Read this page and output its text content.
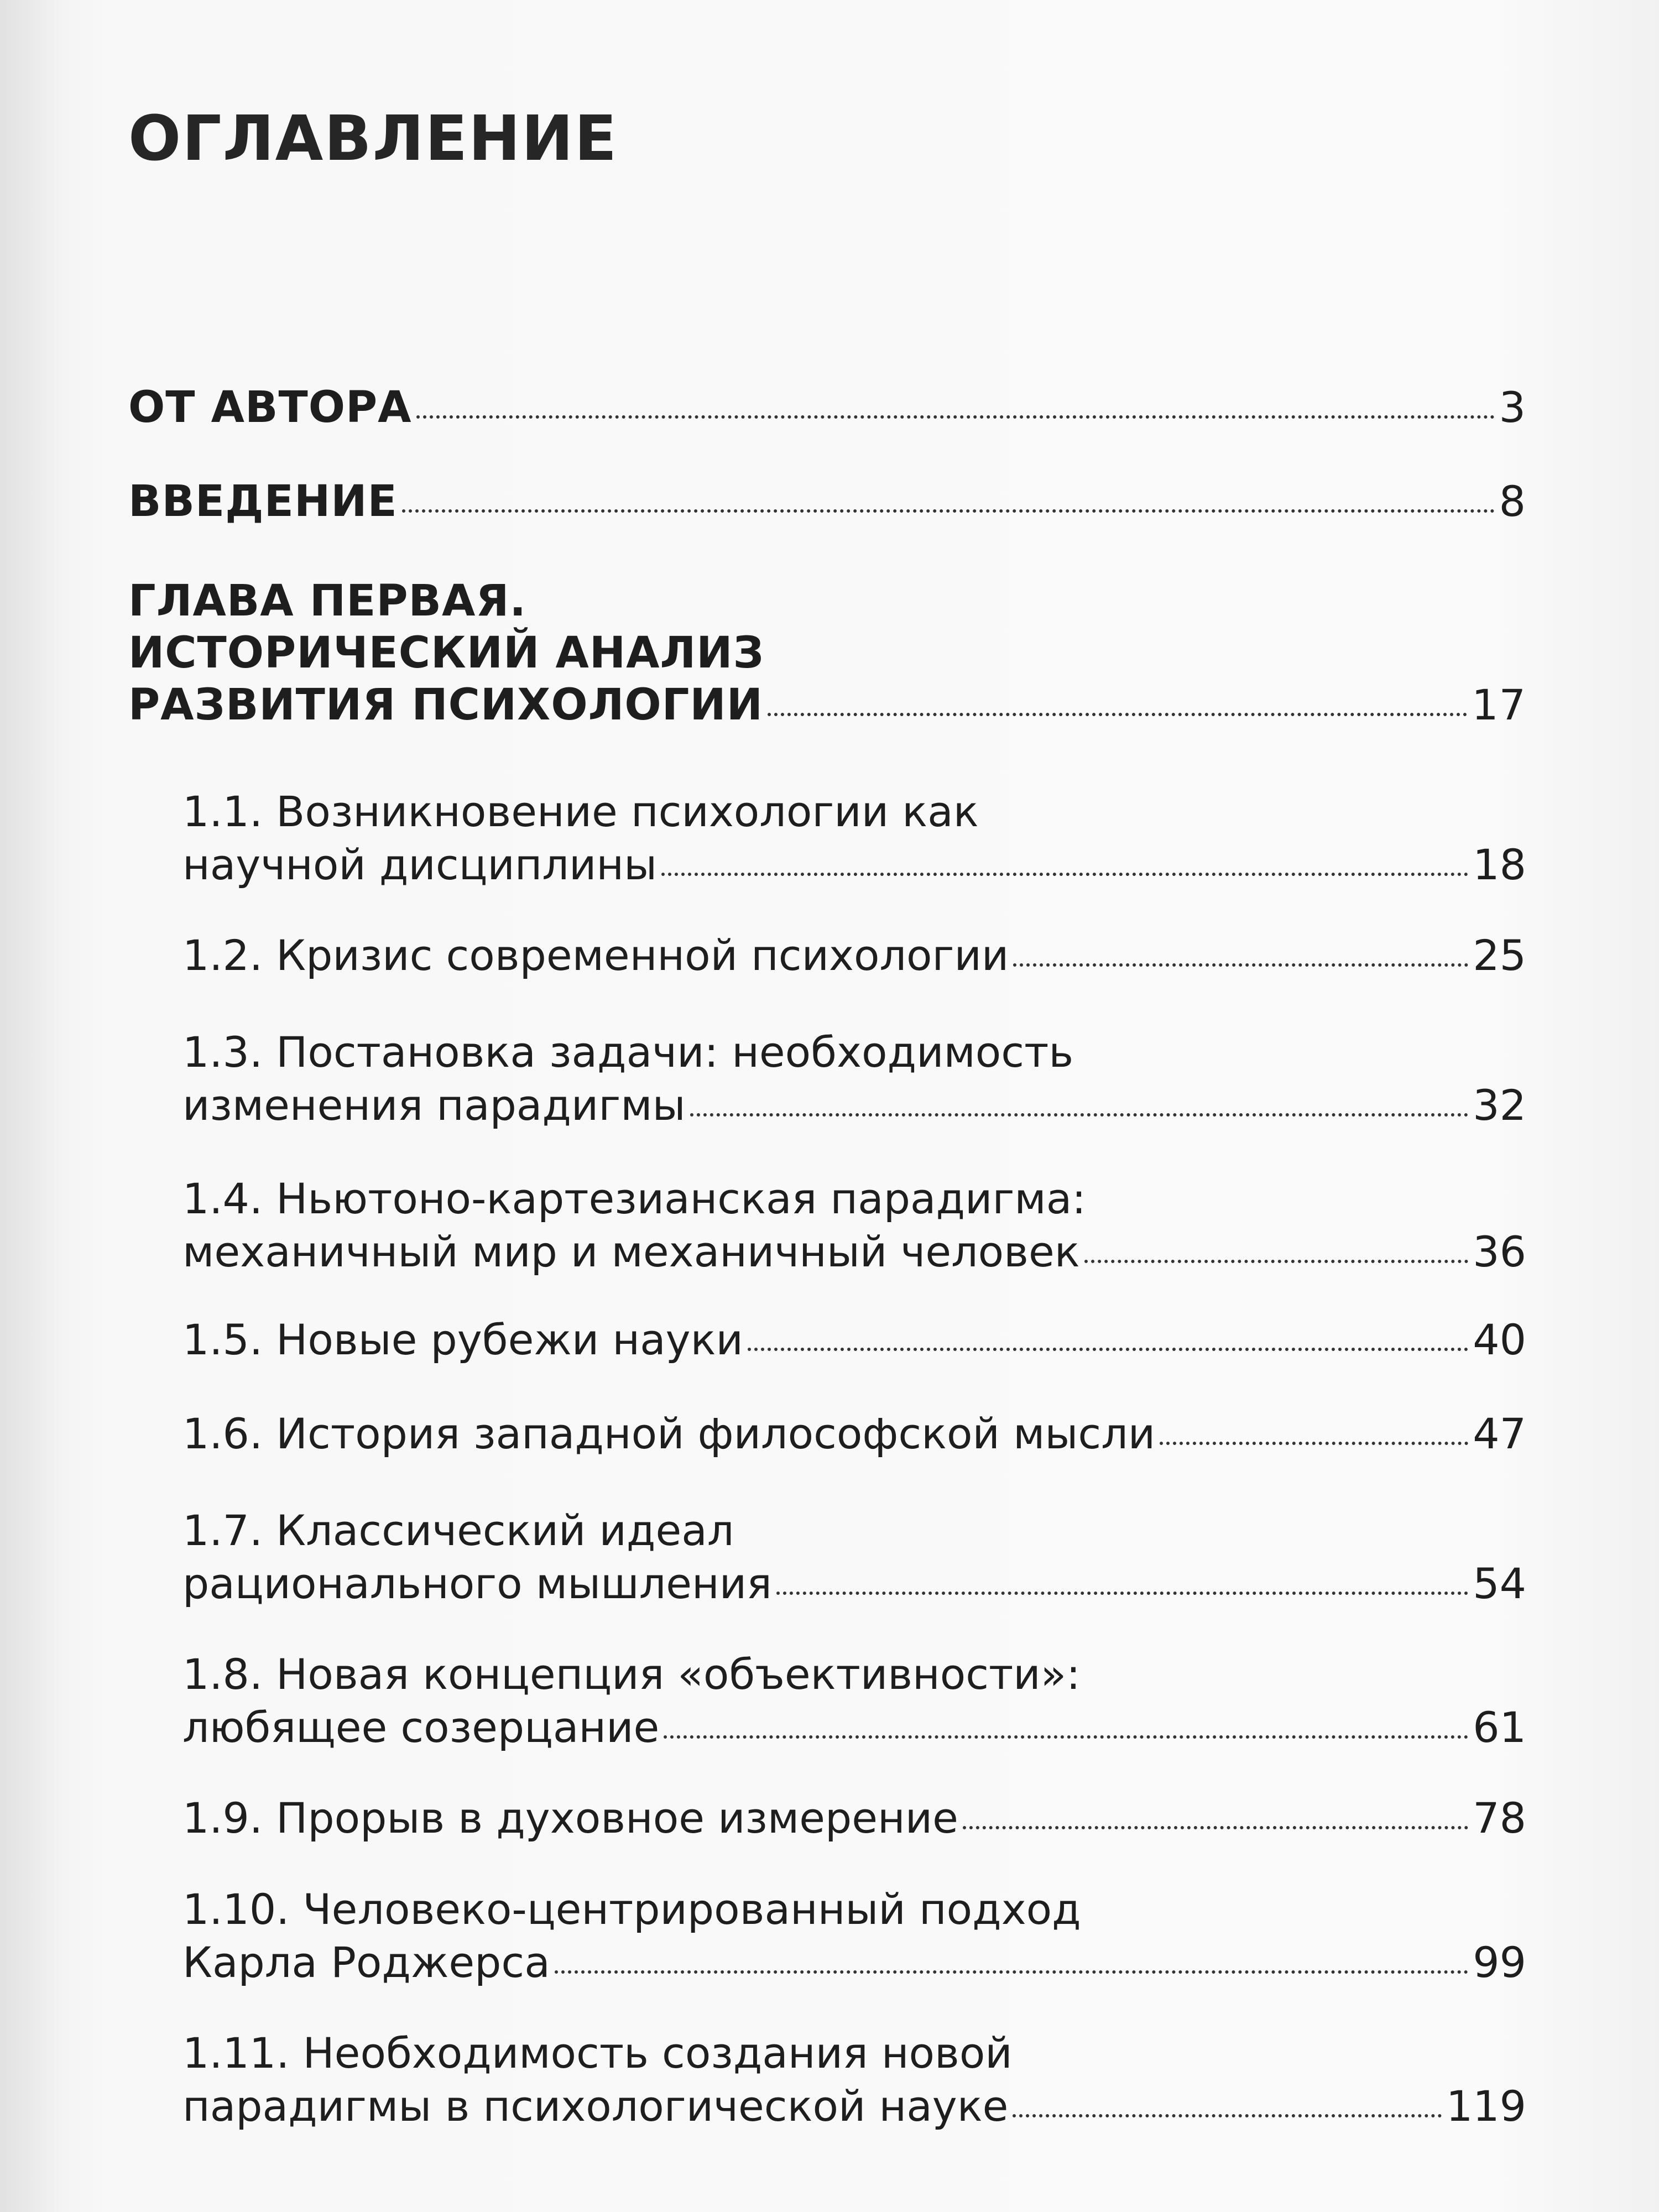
ОГЛАВЛЕНИЕ
ОТ АВТОРА	3
ВВЕДЕНИЕ	8
ГЛАВА ПЕРВАЯ.
ИСТОРИЧЕСКИЙ АНАЛИЗ
РАЗВИТИЯ ПСИХОЛОГИИ	17
1.1. Возникновение психологии как
научной дисциплины	18
1.2. Кризис современной психологии	25
1.3. Постановка задачи: необходимость
изменения парадигмы	32
1.4. Ньютоно-картезианская парадигма:
механичный мир и механичный человек	36
1.5. Новые рубежи науки	40
1.6. История западной философской мысли	47
1.7. Классический идеал
рационального мышления	54
1.8. Новая концепция «объективности»:
любящее созерцание	61
1.9. Прорыв в духовное измерение	78
1.10. Человеко-центрированный подход
Карла Роджерса	99
1.11. Необходимость создания новой
парадигмы в психологической науке	119
